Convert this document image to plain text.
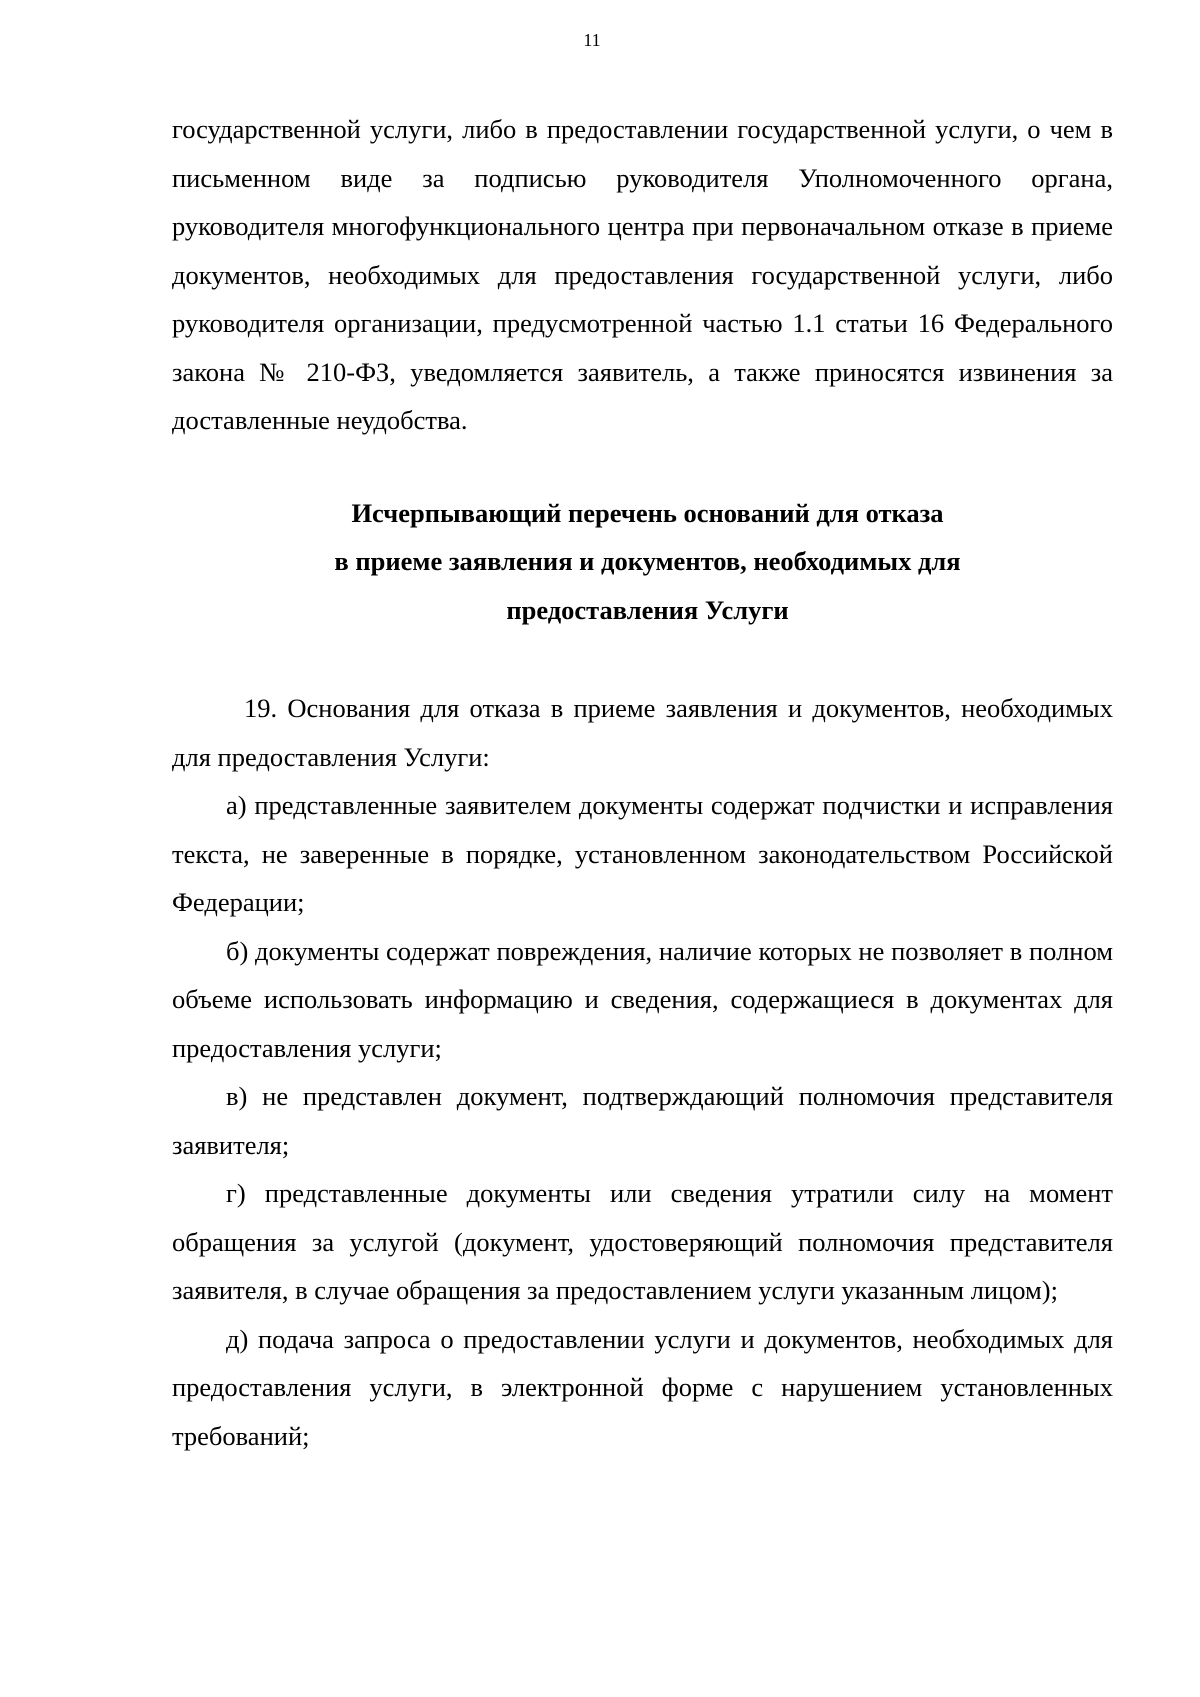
11

государственной услуги, либо в предоставлении государственной услуги, о чем в письменном виде за подписью руководителя Уполномоченного органа, руководителя многофункционального центра при первоначальном отказе в приеме документов, необходимых для предоставления государственной услуги, либо руководителя организации, предусмотренной частью 1.1 статьи 16 Федерального закона № 210-ФЗ, уведомляется заявитель, а также приносятся извинения за доставленные неудобства.

Исчерпывающий перечень оснований для отказа
в приеме заявления и документов, необходимых для
предоставления Услуги

19. Основания для отказа в приеме заявления и документов, необходимых для предоставления Услуги:

а) представленные заявителем документы содержат подчистки и исправления текста, не заверенные в порядке, установленном законодательством Российской Федерации;

б) документы содержат повреждения, наличие которых не позволяет в полном объеме использовать информацию и сведения, содержащиеся в документах для предоставления услуги;

в) не представлен документ, подтверждающий полномочия представителя заявителя;

г) представленные документы или сведения утратили силу на момент обращения за услугой (документ, удостоверяющий полномочия представителя заявителя, в случае обращения за предоставлением услуги указанным лицом);

д) подача запроса о предоставлении услуги и документов, необходимых для предоставления услуги, в электронной форме с нарушением установленных требований;
